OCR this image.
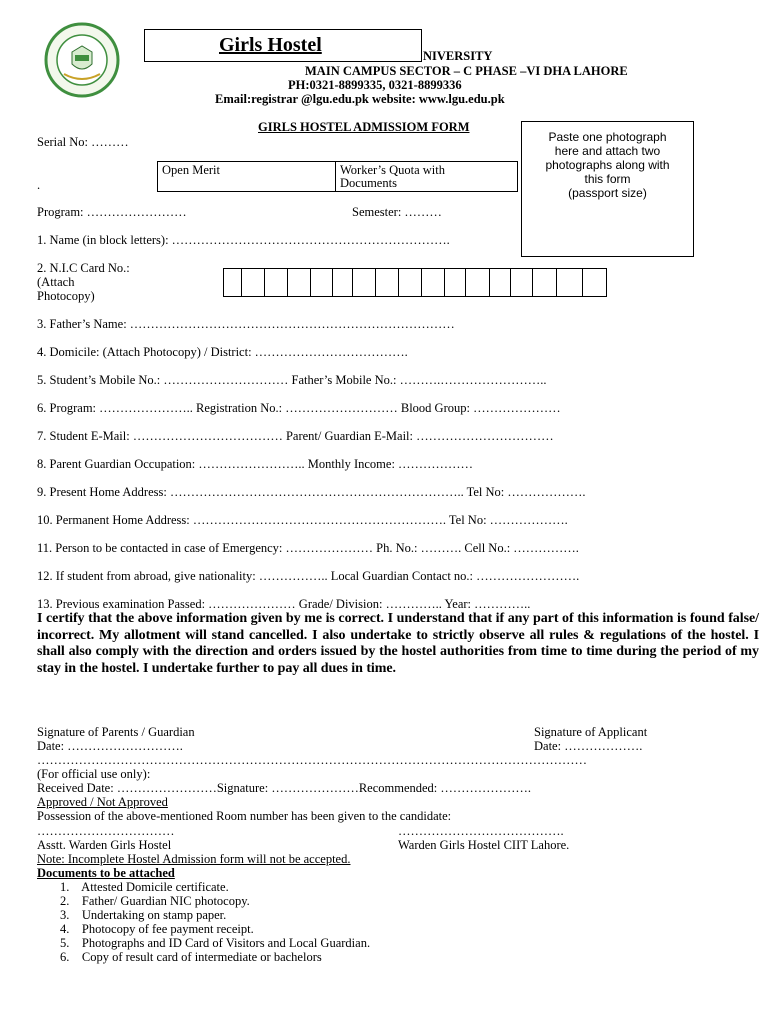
Girls Hostel	NIVERSITY
MAIN CAMPUS SECTOR – C PHASE –VI DHA LAHORE
PH:0321-8899335, 0321-8899336
Email:registrar @lgu.edu.pk website: www.lgu.edu.pk
GIRLS HOSTEL ADMISSIOM FORM
Paste one photograph
here and attach two
photographs along with
this form
(passport size)
Serial No: ………
.
Open Merit	Worker’s Quota with
Documents
Program: ……………………	Semester: ………
1. Name (in block letters): ………………………………………………………….
2. N.I.C Card No.:
(Attach
Photocopy)
3. Father’s Name: ……………………………………………………………………
4. Domicile: (Attach Photocopy) / District: ……………………………….
5. Student’s Mobile No.: ………………………… Father’s Mobile No.: ……….……………………..
6. Program: ………………….. Registration No.: ……………………… Blood Group: …………………
7. Student E-Mail: ……………………………… Parent/ Guardian E-Mail: ……………………………
8. Parent Guardian Occupation: …………………….. Monthly Income: ………………
9. Present Home Address: …………………………………………………………….. Tel No: ……………….
10. Permanent Home Address: ……………………………………………………. Tel No: ……………….
11. Person to be contacted in case of Emergency: ………………… Ph. No.: ………. Cell No.: …………….
12. If student from abroad, give nationality: …………….. Local Guardian Contact no.: …………………….
13. Previous examination Passed: ………………… Grade/ Division: ………….. Year: …………..
I certify that the above information given by me is correct. I understand that if any part of this information is found false/ incorrect. My allotment will stand cancelled. I also undertake to strictly observe all rules & regulations of the hostel. I shall also comply with the direction and orders issued by the hostel authorities from time to time during the period of my stay in the hostel. I undertake further to pay all dues in time.
Signature of Parents / Guardian
Date: ……………………….
Signature of Applicant
Date: ……………….
……………………………………………………………………………………………………………………
(For official use only):
Received Date: ……………………Signature: …………………Recommended: ………………….
Approved / Not Approved
Possession of the above-mentioned Room number has been given to the candidate:
……………………………	………………………………….
Asstt. Warden Girls Hostel	Warden Girls Hostel CIIT Lahore.
Note: Incomplete Hostel Admission form will not be accepted.
Documents to be attached
1.    Attested Domicile certificate.
2.    Father/ Guardian NIC photocopy.
3.    Undertaking on stamp paper.
4.    Photocopy of fee payment receipt.
5.    Photographs and ID Card of Visitors and Local Guardian.
6.    Copy of result card of intermediate or bachelors
